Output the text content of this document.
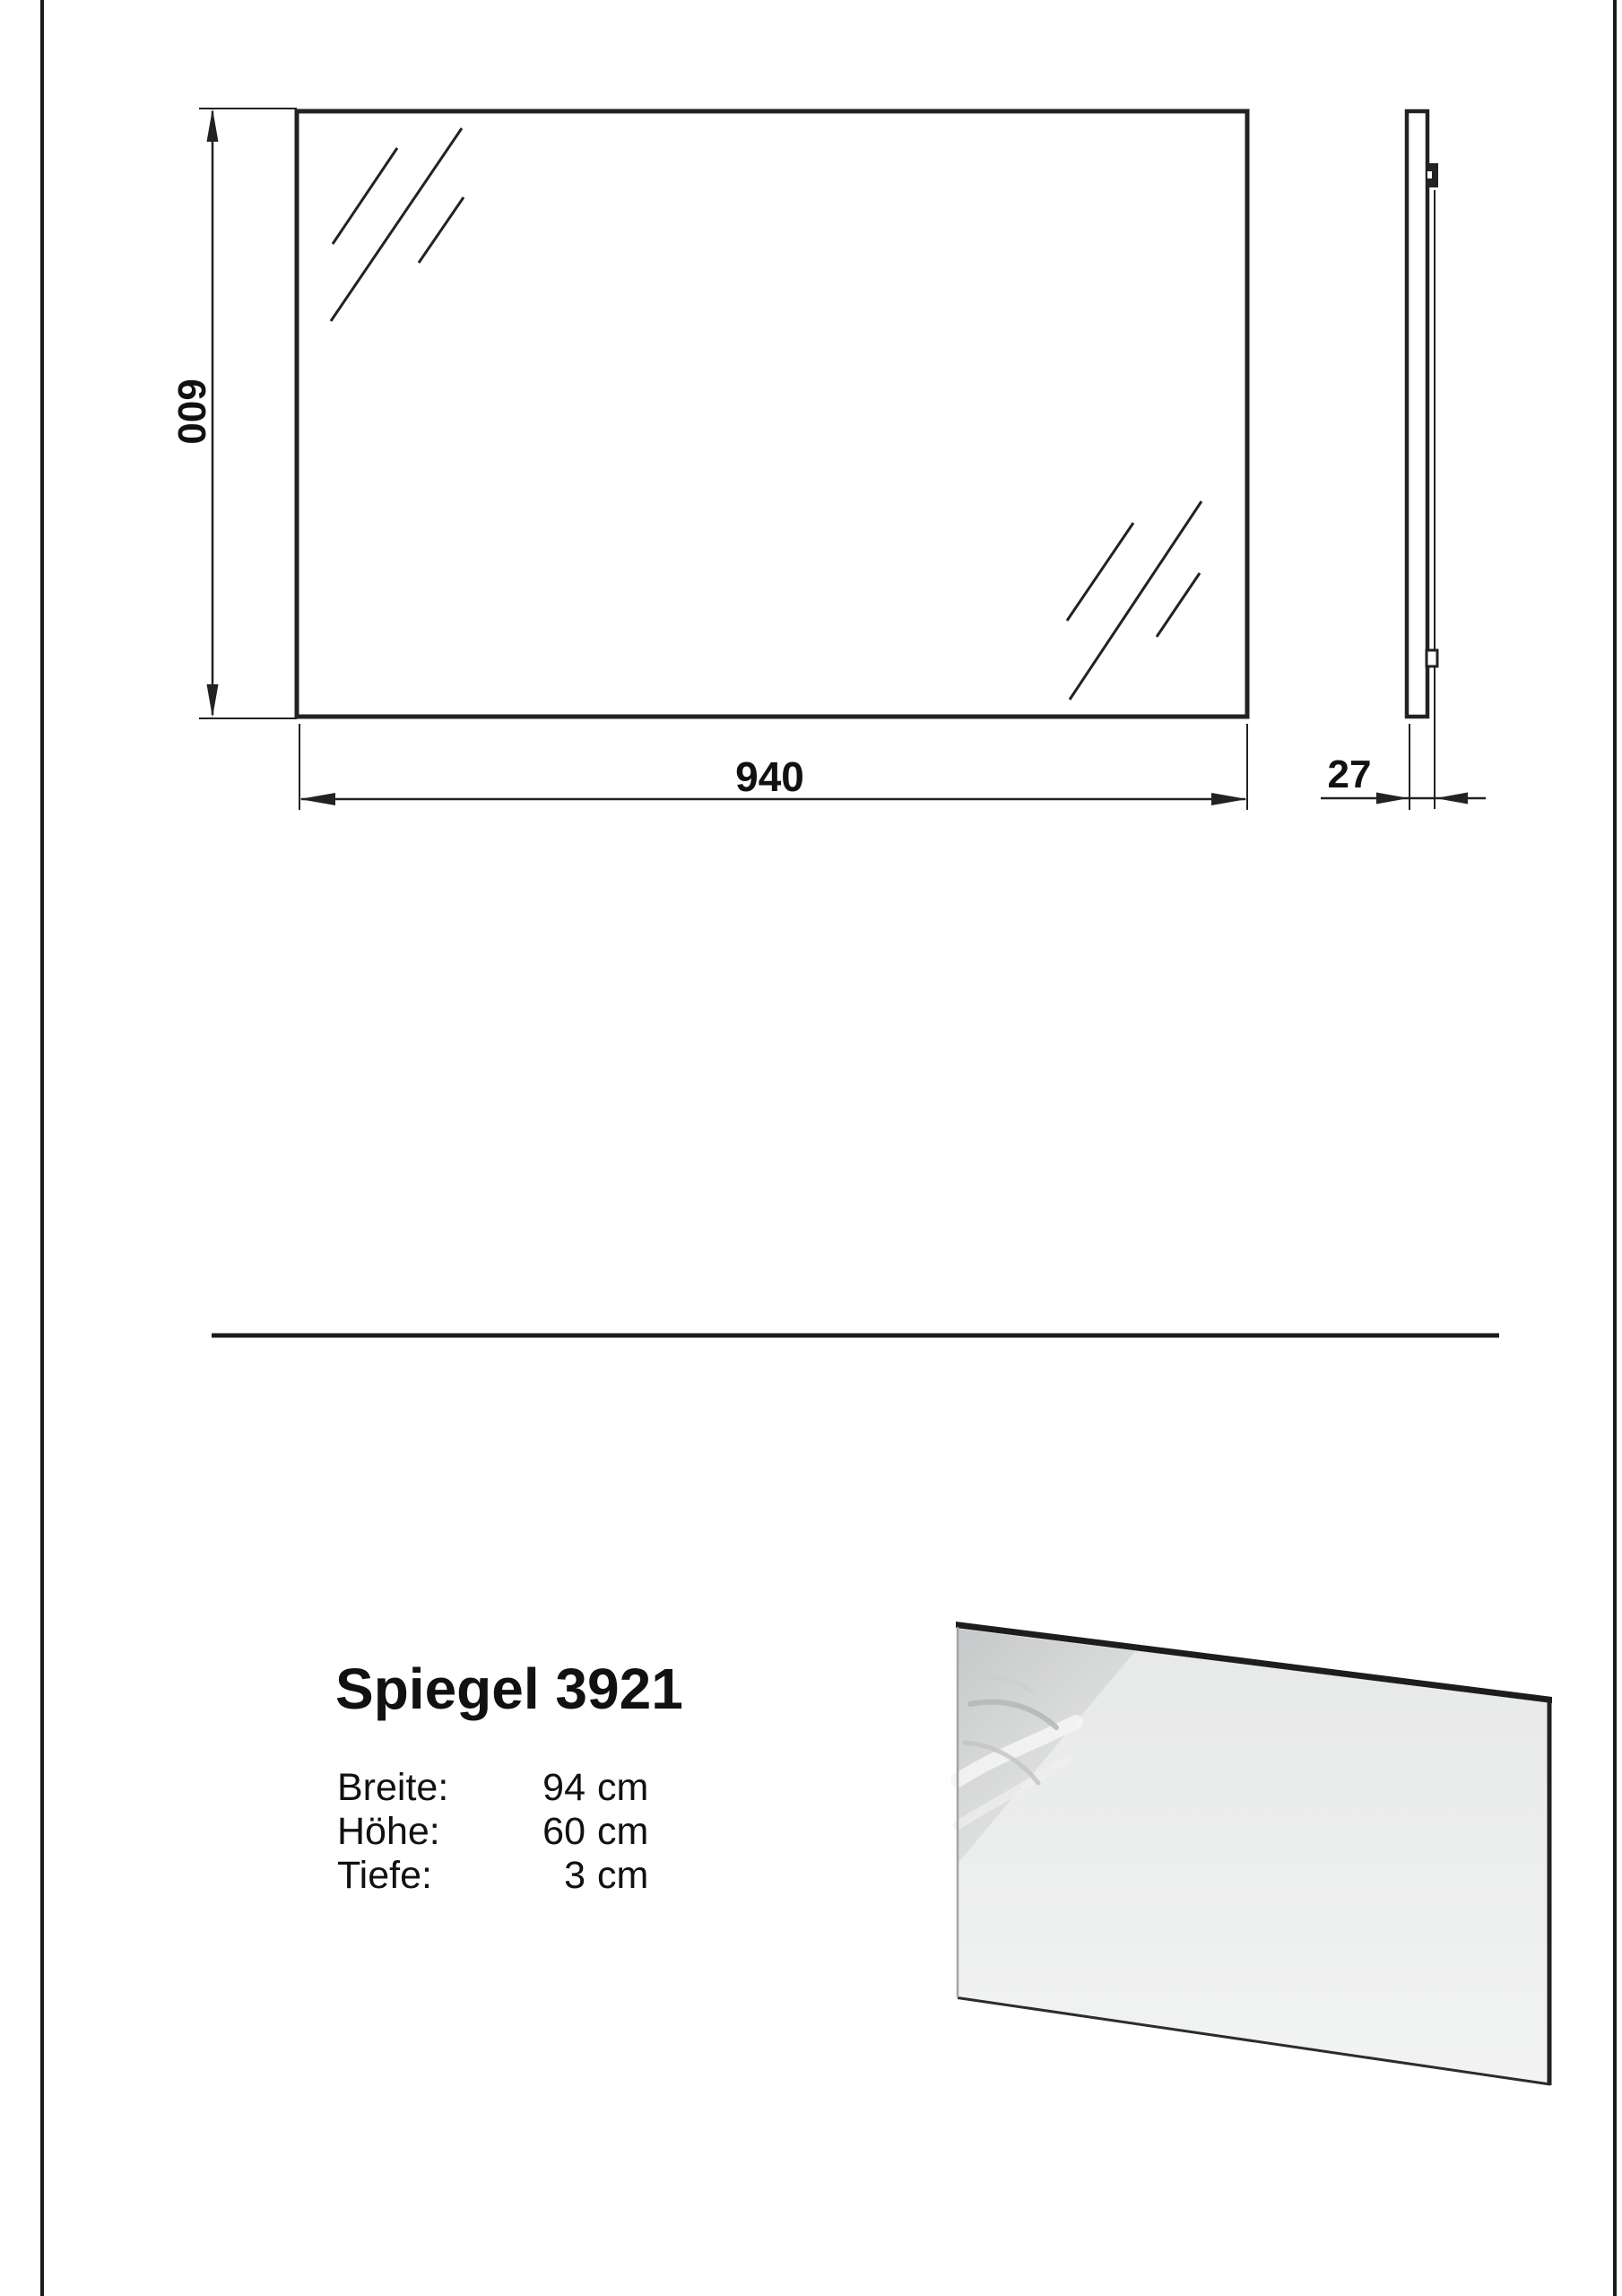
600
940	27
Spiegel 3921
Breite:	94 cm
Höhe:	60 cm
Tiefe:	3 cm
